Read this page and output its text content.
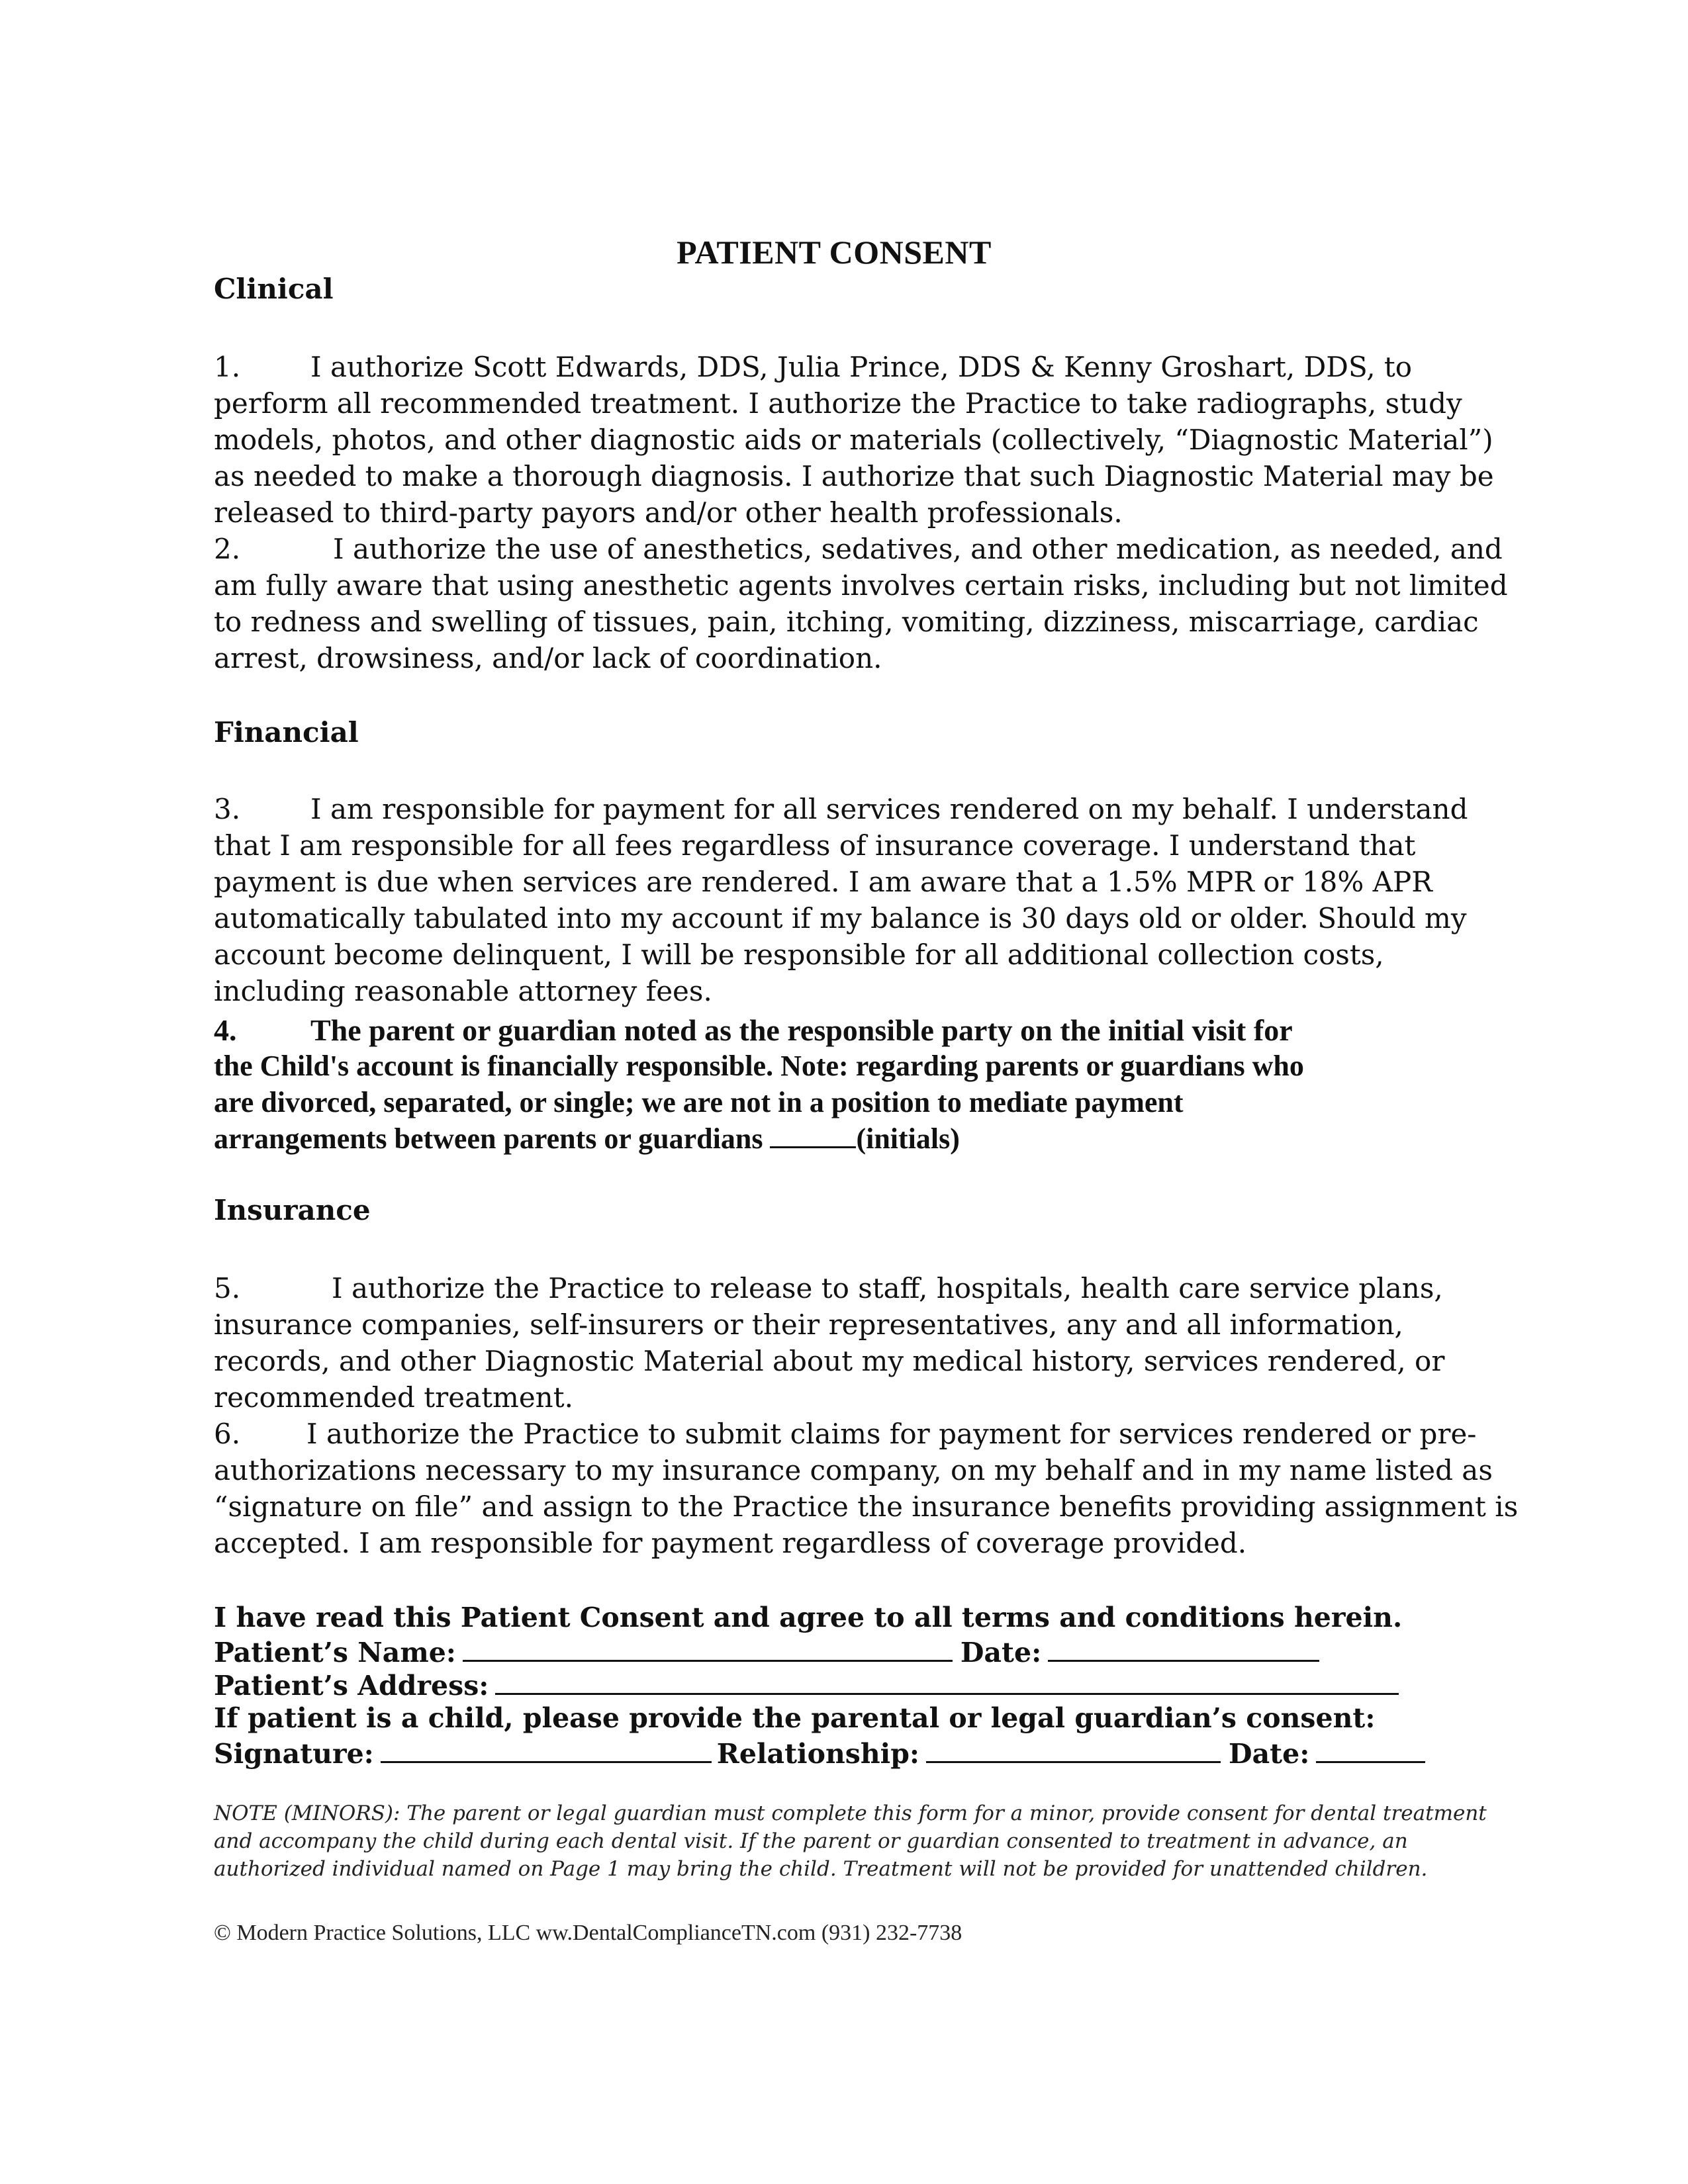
PATIENT CONSENT
Clinical
1.	I authorize Scott Edwards, DDS, Julia Prince, DDS & Kenny Groshart, DDS, to
perform all recommended treatment. I authorize the Practice to take radiographs, study
models, photos, and other diagnostic aids or materials (collectively, “Diagnostic Material”)
as needed to make a thorough diagnosis. I authorize that such Diagnostic Material may be
released to third-party payors and/or other health professionals.
2.	I authorize the use of anesthetics, sedatives, and other medication, as needed, and
am fully aware that using anesthetic agents involves certain risks, including but not limited
to redness and swelling of tissues, pain, itching, vomiting, dizziness, miscarriage, cardiac
arrest, drowsiness, and/or lack of coordination.
Financial
3.	I am responsible for payment for all services rendered on my behalf. I understand
that I am responsible for all fees regardless of insurance coverage. I understand that
payment is due when services are rendered. I am aware that a 1.5% MPR or 18% APR
automatically tabulated into my account if my balance is 30 days old or older. Should my
account become delinquent, I will be responsible for all additional collection costs,
including reasonable attorney fees.
4. The parent or guardian noted as the responsible party on the initial visit for
the Child's account is financially responsible. Note: regarding parents or guardians who
are divorced, separated, or single; we are not in a position to mediate payment
arrangements between parents or guardians	(initials)
Insurance
5.	I authorize the Practice to release to staff, hospitals, health care service plans,
insurance companies, self-insurers or their representatives, any and all information,
records, and other Diagnostic Material about my medical history, services rendered, or
recommended treatment.
6. I authorize the Practice to submit claims for payment for services rendered or pre-
authorizations necessary to my insurance company, on my behalf and in my name listed as
“signature on file” and assign to the Practice the insurance benefits providing assignment is
accepted. I am responsible for payment regardless of coverage provided.
I have read this Patient Consent and agree to all terms and conditions herein.
Patient’s Name:	Date:
Patient’s Address:
If patient is a child, please provide the parental or legal guardian’s consent:
Signature:	Relationship:	Date:
NOTE (MINORS): The parent or legal guardian must complete this form for a minor, provide consent for dental treatment
and accompany the child during each dental visit. If the parent or guardian consented to treatment in advance, an
authorized individual named on Page 1 may bring the child. Treatment will not be provided for unattended children.
© Modern Practice Solutions, LLC ww.DentalComplianceTN.com (931) 232-7738
